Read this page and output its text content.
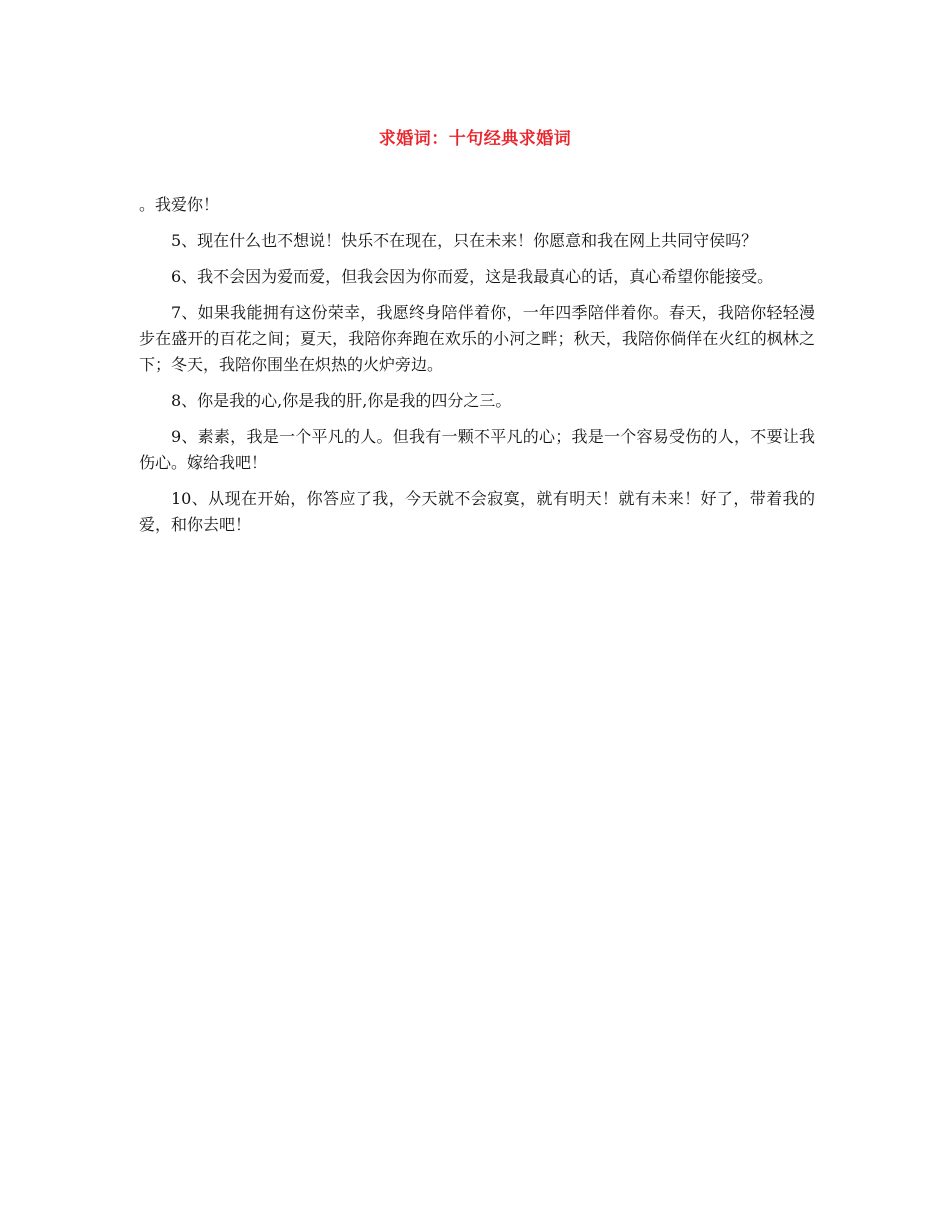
求婚词：十句经典求婚词

。我爱你！

5、现在什么也不想说！快乐不在现在，只在未来！你愿意和我在网上共同守侯吗？

6、我不会因为爱而爱，但我会因为你而爱，这是我最真心的话，真心希望你能接受。

7、如果我能拥有这份荣幸，我愿终身陪伴着你，一年四季陪伴着你。春天，我陪你轻轻漫步在盛开的百花之间；夏天，我陪你奔跑在欢乐的小河之畔；秋天，我陪你倘佯在火红的枫林之下；冬天，我陪你围坐在炽热的火炉旁边。

8、你是我的心,你是我的肝,你是我的四分之三。

9、素素，我是一个平凡的人。但我有一颗不平凡的心；我是一个容易受伤的人，不要让我伤心。嫁给我吧！

10、从现在开始，你答应了我，今天就不会寂寞，就有明天！就有未来！好了，带着我的爱，和你去吧！
